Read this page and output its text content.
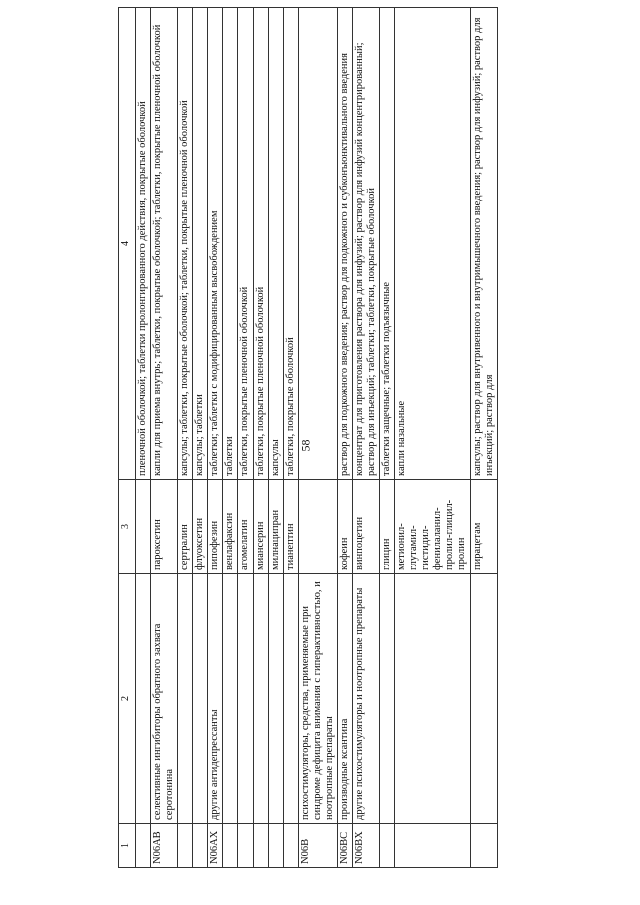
58
1	2	3	4
			пленочной оболочкой; таблетки пролонгированного действия, покрытые оболочкой
N06AB	селективные ингибиторы обратного захвата серотонина	пароксетин	капли для приема внутрь; таблетки, покрытые оболочкой; таблетки, покрытые пленочной оболочкой
		сертралин	капсулы; таблетки, покрытые оболочкой; таблетки, покрытые пленочной оболочкой
		флуоксетин	капсулы; таблетки
N06AX	другие антидепрессанты	пипофезин	таблетки; таблетки с модифицированным высвобождением
		венлафаксин	таблетки
		агомелатин	таблетки, покрытые пленочной оболочкой
		миансерин	таблетки, покрытые пленочной оболочкой
		милнаципран	капсулы
		тианептин	таблетки, покрытые оболочкой
N06B	психостимуляторы, средства, применяемые при синдроме дефицита внимания с гиперактивностью, и ноотропные препараты		
N06BC	производные ксантина	кофеин	раствор для подкожного введения; раствор для подкожного и субконъюнктивального введения
N06BX	другие психостимуляторы и ноотропные препараты	винпоцетин	концентрат для приготовления раствора для инфузий; раствор для инфузий концентрированный; раствор для инъекций; таблетки; таблетки, покрытые оболочкой
		глицин	таблетки защечные; таблетки подъязычные
		метионил-глутамил-гистидил-фенилаланил-пролил-глицил-пролин	капли назальные
		пирацетам	капсулы; раствор для внутривенного и внутримышечного введения; раствор для инфузий; раствор для инъекций; раствор для
